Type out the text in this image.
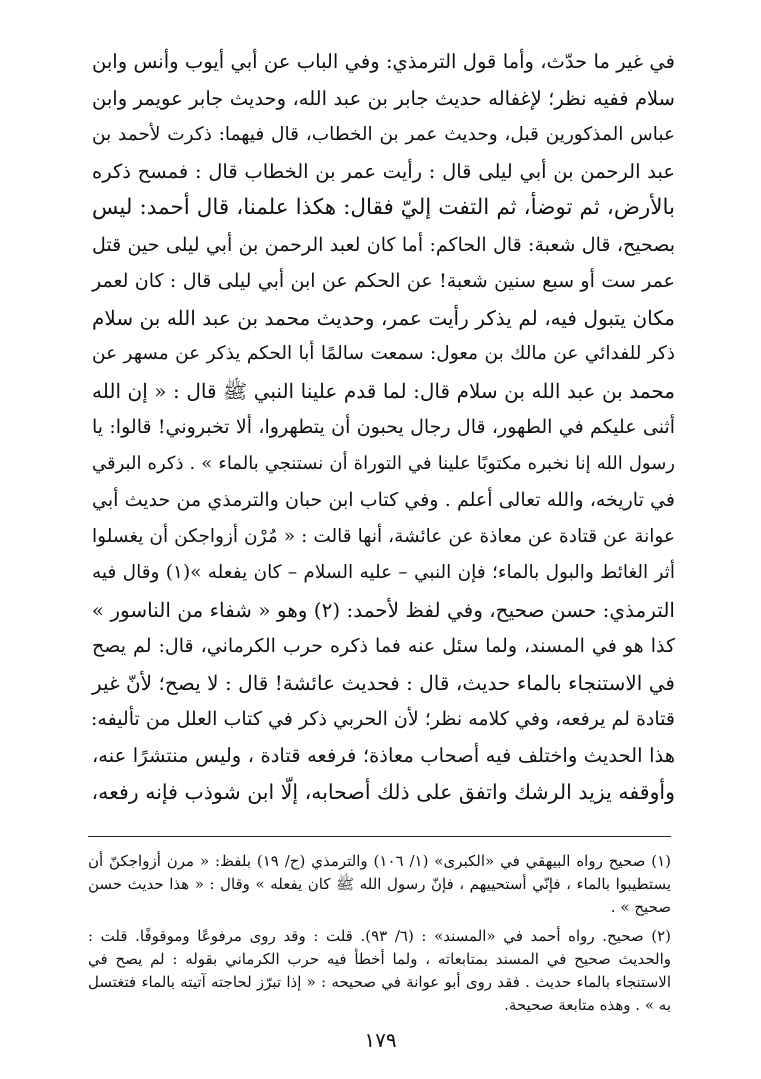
في غير ما حدّث، وأما قول الترمذي: وفي الباب عن أبي أيوب وأنس وابن
سلام ففيه نظر؛ لإغفاله حديث جابر بن عبد الله، وحديث جابر عويمر وابن
عباس المذكورين قبل، وحديث عمر بن الخطاب، قال فيهما: ذكرت لأحمد بن
عبد الرحمن بن أبي ليلى قال : رأيت عمر بن الخطاب قال : فمسح ذكره
بالأرض، ثم توضأ، ثم التفت إليّ فقال: هكذا علمنا، قال أحمد: ليس
بصحيح، قال شعبة: قال الحاكم: أما كان لعبد الرحمن بن أبي ليلى حين قتل
عمر ست أو سبع سنين شعبة! عن الحكم عن ابن أبي ليلى قال : كان لعمر
مكان يتبول فيه، لم يذكر رأيت عمر، وحديث محمد بن عبد الله بن سلام
ذكر للفدائي عن مالك بن معول: سمعت سالمًا أبا الحكم يذكر عن مسهر عن
محمد بن عبد الله بن سلام قال: لما قدم علينا النبي ﷺ قال : « إن الله
أثنى عليكم في الطهور، قال رجال يحبون أن يتطهروا، ألا تخبروني! قالوا: يا
رسول الله إنا نخبره مكتوبًا علينا في التوراة أن نستنجي بالماء » . ذكره البرقي
في تاريخه، والله تعالى أعلم . وفي كتاب ابن حبان والترمذي من حديث أبي
عوانة عن قتادة عن معاذة عن عائشة، أنها قالت : « مُرْن أزواجكن أن يغسلوا
أثر الغائط والبول بالماء؛ فإن النبي – عليه السلام – كان يفعله »(١) وقال فيه
الترمذي: حسن صحيح، وفي لفظ لأحمد: (٢) وهو « شفاء من الناسور »
كذا هو في المسند، ولما سئل عنه فما ذكره حرب الكرماني، قال: لم يصح
في الاستنجاء بالماء حديث، قال : فحديث عائشة! قال : لا يصح؛ لأنّ غير
قتادة لم يرفعه، وفي كلامه نظر؛ لأن الحربي ذكر في كتاب العلل من تأليفه:
هذا الحديث واختلف فيه أصحاب معاذة؛ فرفعه قتادة ، وليس منتشرًا عنه،
وأوقفه يزيد الرشك واتفق على ذلك أصحابه، إلّا ابن شوذب فإنه رفعه،

(١) صحيح رواه البيهقي في «الكبرى» (١/ ١٠٦) والترمذي (ح/ ١٩) بلفظ: « مرن أزواجكنّ أن يستطيبوا بالماء ، فإنّي أستحييهم ، فإنّ رسول الله ﷺ كان يفعله » وقال : « هذا حديث حسن صحيح » .

(٢) صحيح. رواه أحمد في «المسند» : (٦/ ٩٣). قلت : وقد روى مرفوعًا وموقوفًا. قلت : والحديث صحيح في المسند بمتابعاته ، ولما أخطأ فيه حرب الكرماني بقوله : لم يصح في الاستنجاء بالماء حديث . فقد روى أبو عوانة في صحيحه : « إذا تبرّز لحاجته آتيته بالماء فتغتسل به » . وهذه متابعة صحيحة.

١٧٩
